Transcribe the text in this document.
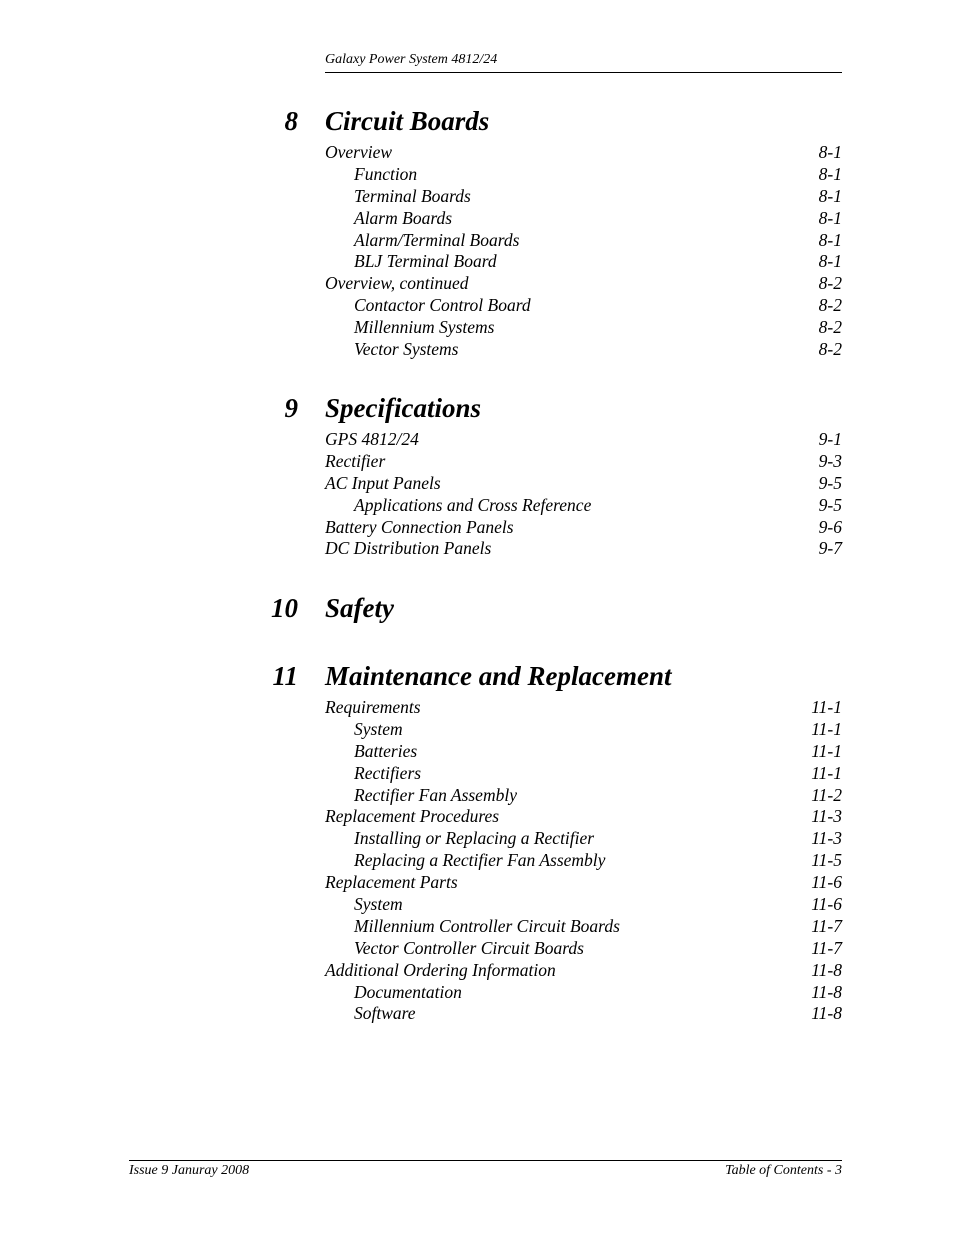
Galaxy Power System 4812/24
8 Circuit Boards
Overview	8-1
Function	8-1
Terminal Boards	8-1
Alarm Boards	8-1
Alarm/Terminal Boards	8-1
BLJ Terminal Board	8-1
Overview, continued	8-2
Contactor Control Board	8-2
Millennium Systems	8-2
Vector Systems	8-2
9 Specifications
GPS 4812/24	9-1
Rectifier	9-3
AC Input Panels	9-5
Applications and Cross Reference	9-5
Battery Connection Panels	9-6
DC Distribution Panels	9-7
10 Safety
11 Maintenance and Replacement
Requirements	11-1
System	11-1
Batteries	11-1
Rectifiers	11-1
Rectifier Fan Assembly	11-2
Replacement Procedures	11-3
Installing or Replacing a Rectifier	11-3
Replacing a Rectifier Fan Assembly	11-5
Replacement Parts	11-6
System	11-6
Millennium Controller Circuit Boards	11-7
Vector Controller Circuit Boards	11-7
Additional Ordering Information	11-8
Documentation	11-8
Software	11-8
Issue 9 Januray 2008	Table of Contents - 3
